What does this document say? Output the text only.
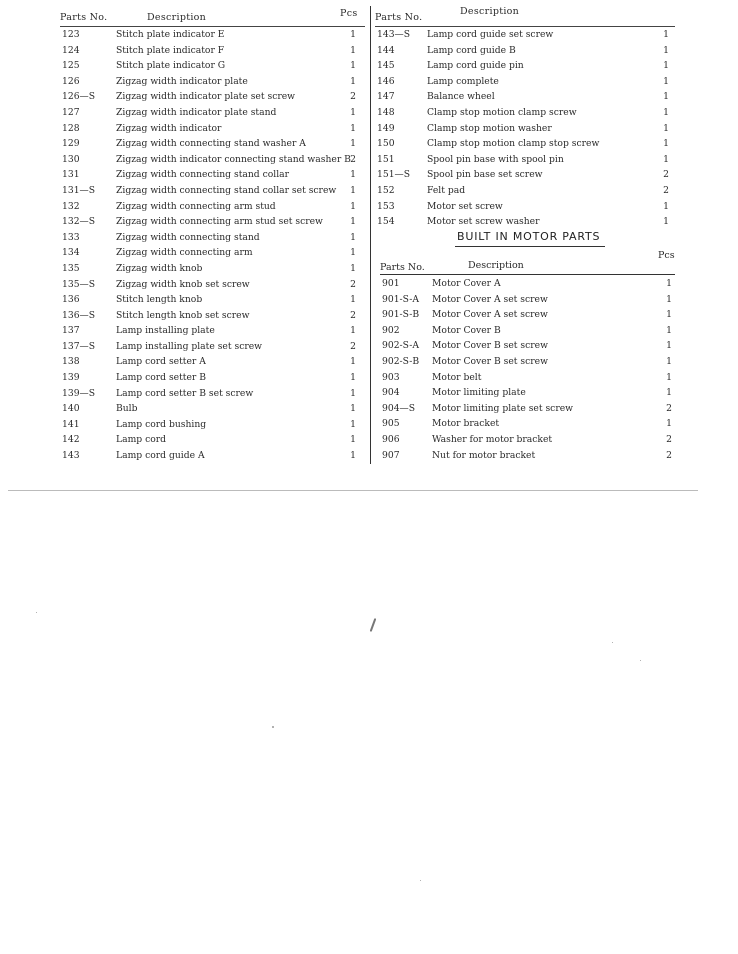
Parts No.	Description	Pcs
123	Stitch plate indicator E	1
124	Stitch plate indicator F	1
125	Stitch plate indicator G	1
126	Zigzag width indicator plate	1
126—S Zigzag width indicator plate set screw	2
127	Zigzag width indicator plate stand	1
128	Zigzag width indicator	1
129	Zigzag width connecting stand washer A	1
130	Zigzag width indicator connecting stand washer B 2
131	Zigzag width connecting stand collar	1
131—S Zigzag width connecting stand collar set screw	1
132	Zigzag width connecting arm stud	1
132—S Zigzag width connecting arm stud set screw	1
133	Zigzag width connecting stand	1
134	Zigzag width connecting arm	1
135	Zigzag width knob	1
135—S Zigzag width knob set screw	2
136	Stitch length knob	1
136—S Stitch length knob set screw	2
137	Lamp installing plate	1
137—S Lamp installing plate set screw	2
138	Lamp cord setter A	1
139	Lamp cord setter B	1
139—S Lamp cord setter B set screw	1
140	Bulb	1
141	Lamp cord bushing	1
142	Lamp cord	1
143	Lamp cord guide A	1
Parts No.
Description
143—S Lamp cord guide set screw	1
144	Lamp cord guide B	1
145	Lamp cord guide pin	1
146	Lamp complete	1
147	Balance wheel	1
148	Clamp stop motion clamp screw	1
149	Clamp stop motion washer	1
150	Clamp stop motion clamp stop screw	1
151	Spool pin base with spool pin	1
151—S Spool pin base set screw	2
152	Felt pad	2
153	Motor set screw	1
154	Motor set screw washer	1
BUILT IN MOTOR PARTS
Parts No.	Description
Pcs
901	Motor Cover A	1
901-S-A Motor Cover A set screw	1
901-S-B Motor Cover A set screw	1
902	Motor Cover B	1
902-S-A Motor Cover B set screw	1
902-S-B Motor Cover B set screw	1
903	Motor belt	1
904	Motor limiting plate	1
904—S Motor limiting plate set screw	2
905	Motor bracket	1
906	Washer for motor bracket	2
907	Nut for motor bracket	2
